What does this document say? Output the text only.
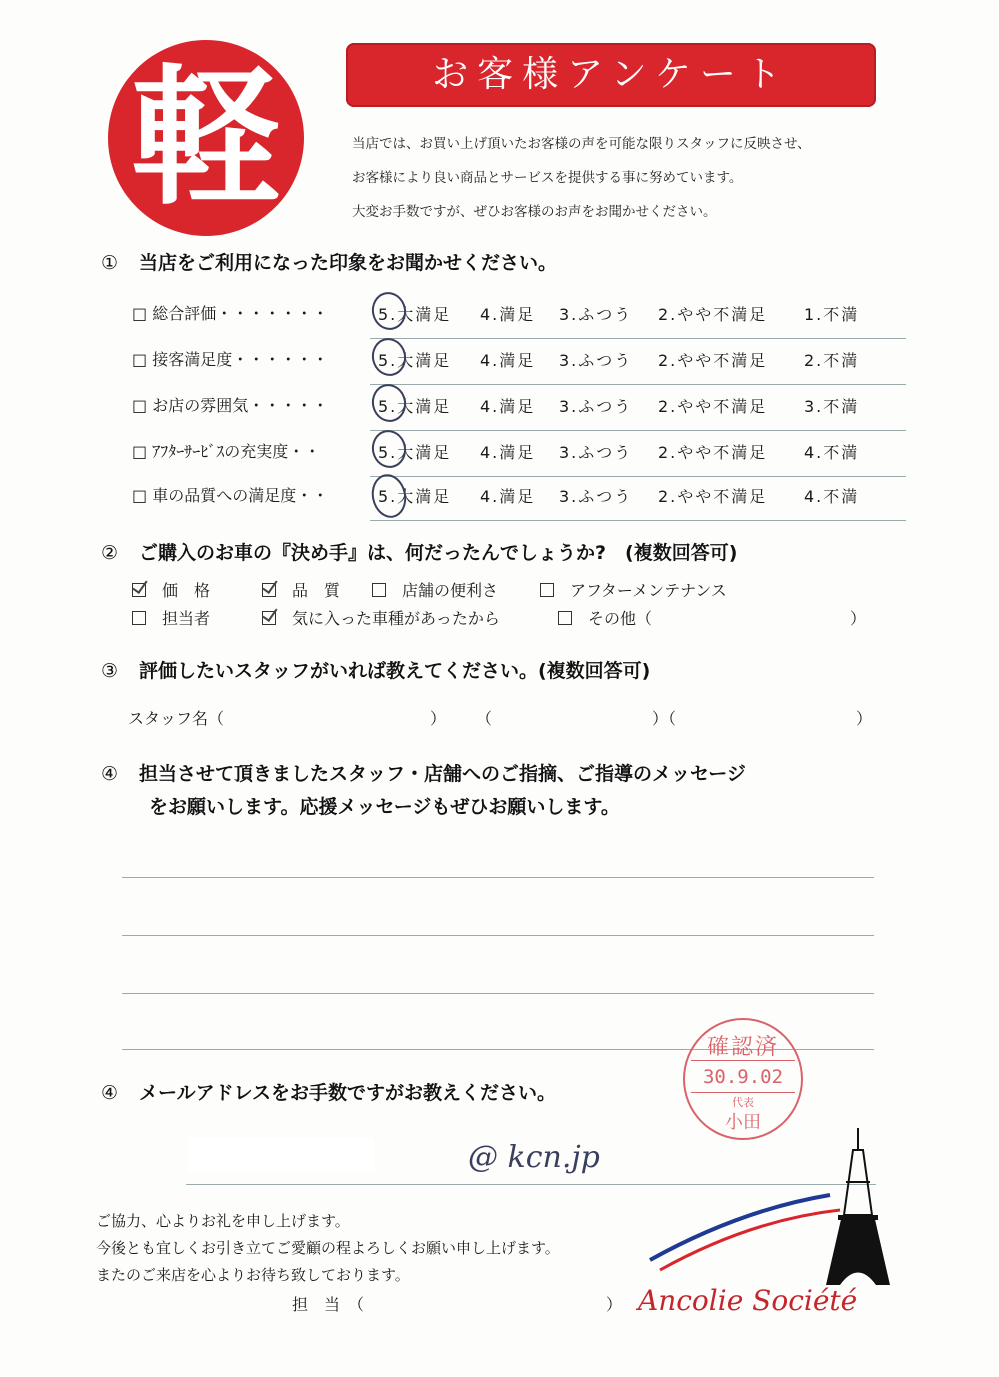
軽	お客様アンケート
当店では、お買い上げ頂いたお客様の声を可能な限りスタッフに反映させ、
お客様により良い商品とサービスを提供する事に努めています。
大変お手数ですが、ぜひお客様のお声をお聞かせください。
① 当店をご利用になった印象をお聞かせください。
□ 総合評価・・・・・・・	5.大満足 4.満足 3.ふつう 2.やや不満足 1.不満
□ 接客満足度・・・・・・	5.大満足 4.満足 3.ふつう 2.やや不満足 2.不満
□ お店の雰囲気・・・・・	5.大満足 4.満足 3.ふつう 2.やや不満足 3.不満
□ ｱﾌﾀｰｻｰﾋﾞｽの充実度・・	5.大満足 4.満足 3.ふつう 2.やや不満足 4.不満
□ 車の品質への満足度・・	5.大満足 4.満足 3.ふつう 2.やや不満足 4.不満
② ご購入のお車の『決め手』は、何だったんでしょうか?　(複数回答可)
価　格	品　質	店舗の便利さ	アフターメンテナンス
担当者	気に入った車種があったから	その他（	）
③ 評価したいスタッフがいれば教えてください。(複数回答可)
スタッフ名（	） （	）（	）
④ 担当させて頂きましたスタッフ・店舗へのご指摘、ご指導のメッセージ
をお願いします。応援メッセージもぜひお願いします。
確認済
30.9.02
代表
小田
④ メールアドレスをお手数ですがお教えください。
@ kcn.jp
ご協力、心よりお礼を申し上げます。
今後とも宜しくお引き立てご愛顧の程よろしくお願い申し上げます。
またのご来店を心よりお待ち致しております。
担　当　（	） Ancolie Société
